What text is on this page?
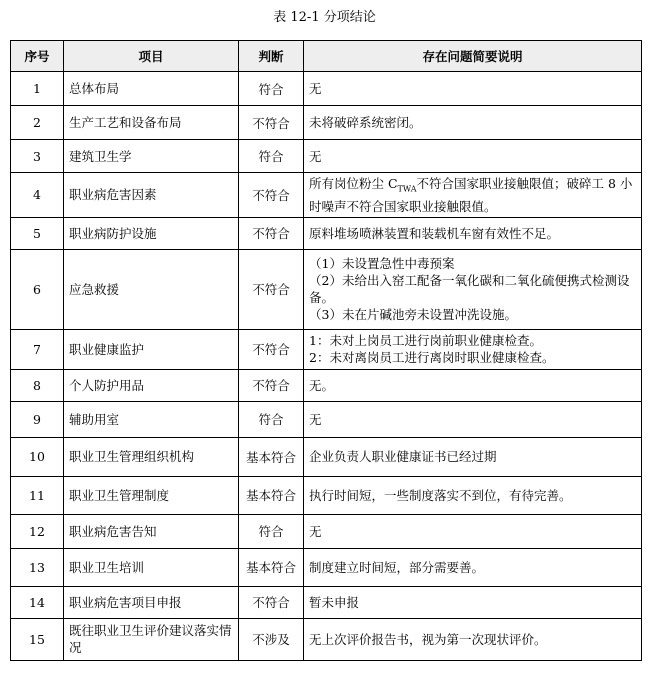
表 12-1 分项结论
序号	项目	判断	存在问题简要说明
1	总体布局	符合	无
2	生产工艺和设备布局	不符合	未将破碎系统密闭。
3	建筑卫生学	符合	无
4	职业病危害因素	不符合	所有岗位粉尘 $C_{TWA}$不符合国家职业接触限值；破碎工 8 小时噪声不符合国家职业接触限值。
5	职业病防护设施	不符合	原料堆场喷淋装置和装载机车窗有效性不足。
6	应急救援	不符合	（1）未设置急性中毒预案
（2）未给出入窑工配备一氧化碳和二氧化硫便携式检测设备。
（3）未在片碱池旁未设置冲洗设施。

7	职业健康监护	不符合	1：未对上岗员工进行岗前职业健康检查。
2：未对离岗员工进行离岗时职业健康检查。

8	个人防护用品	不符合	无。
9	辅助用室	符合	无
10	职业卫生管理组织机构	基本符合	企业负责人职业健康证书已经过期
11	职业卫生管理制度	基本符合	执行时间短，一些制度落实不到位，有待完善。
12	职业病危害告知	符合	无
13	职业卫生培训	基本符合	制度建立时间短，部分需要善。
14	职业病危害项目申报	不符合	暂未申报
15	既往职业卫生评价建议落实情况	不涉及	无上次评价报告书，视为第一次现状评价。
